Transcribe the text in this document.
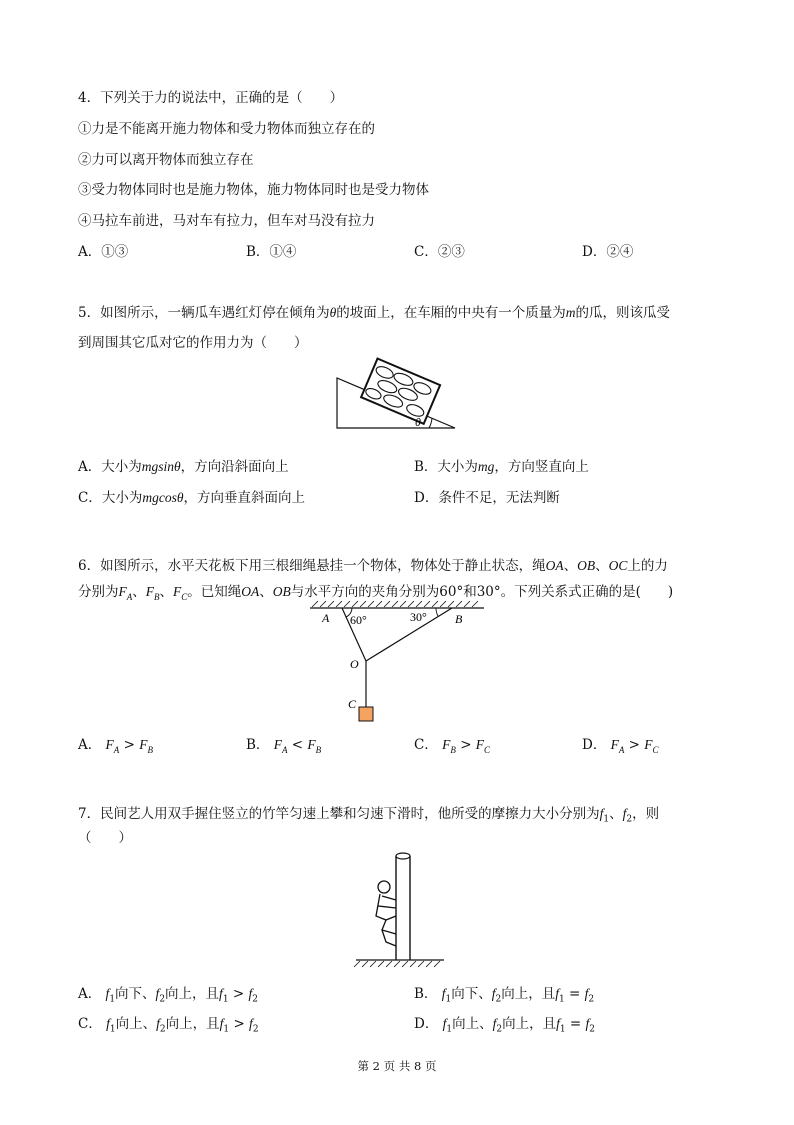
4．下列关于力的说法中，正确的是（　　）
①力是不能离开施力物体和受力物体而独立存在的
②力可以离开物体而独立存在
③受力物体同时也是施力物体，施力物体同时也是受力物体
④马拉车前进，马对车有拉力，但车对马没有拉力
A．①③	B．①④	C．②③	D．②④
5．如图所示，一辆瓜车遇红灯停在倾角为θ的坡面上，在车厢的中央有一个质量为m的瓜，则该瓜受
到周围其它瓜对它的作用力为（　　）
θ
A．大小为mgsinθ，方向沿斜面向上	B．大小为mg，方向竖直向上
C．大小为mgcosθ，方向垂直斜面向上	D．条件不足，无法判断
6．如图所示，水平天花板下用三根细绳悬挂一个物体，物体处于静止状态，绳OA、OB、OC上的力
分别为$F_A$、$F_B$、$F_C$。已知绳OA、OB与水平方向的夹角分别为60°和30°。下列关系式正确的是(　　)
A 60°	30° B
O
C
A． $F_A > F_B$	B． $F_A < F_B$	C． $F_B > F_C$	D． $F_A > F_C$
7．民间艺人用双手握住竖立的竹竿匀速上攀和匀速下滑时，他所受的摩擦力大小分别为$f_1$、$f_2$，则
（　　）
A． $f_1$向下、$f_2$向上，且$f_1 > f_2$	B． $f_1$向下、$f_2$向上，且$f_1 = f_2$
C． $f_1$向上、$f_2$向上，且$f_1 > f_2$	D． $f_1$向上、$f_2$向上，且$f_1 = f_2$
第 2 页 共 8 页
